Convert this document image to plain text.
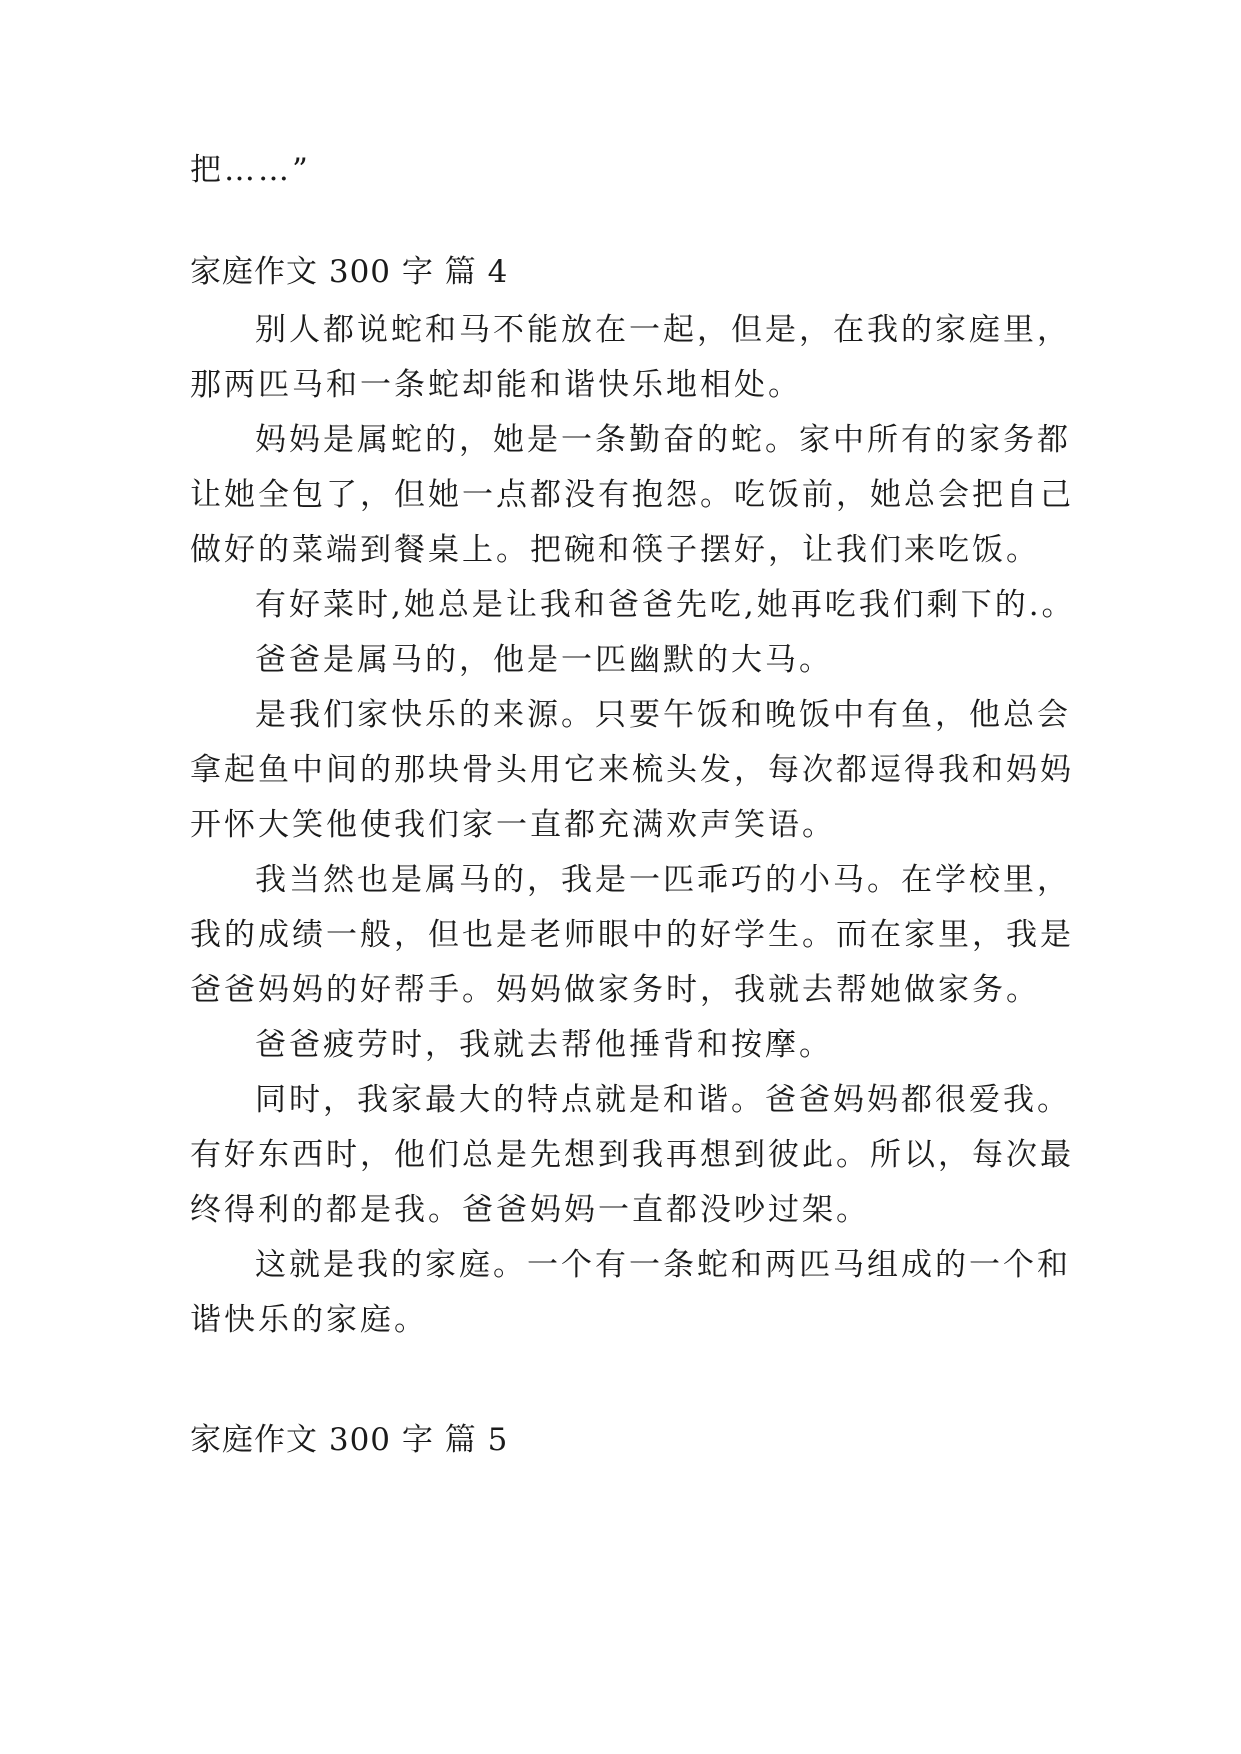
把……”
家庭作文 300 字 篇 4
别人都说蛇和马不能放在一起，但是，在我的家庭里，
那两匹马和一条蛇却能和谐快乐地相处。
妈妈是属蛇的，她是一条勤奋的蛇。家中所有的家务都
让她全包了，但她一点都没有抱怨。吃饭前，她总会把自己
做好的菜端到餐桌上。把碗和筷子摆好，让我们来吃饭。
有好菜时,她总是让我和爸爸先吃,她再吃我们剩下的.。
爸爸是属马的，他是一匹幽默的大马。
是我们家快乐的来源。只要午饭和晚饭中有鱼，他总会
拿起鱼中间的那块骨头用它来梳头发，每次都逗得我和妈妈
开怀大笑他使我们家一直都充满欢声笑语。
我当然也是属马的，我是一匹乖巧的小马。在学校里，
我的成绩一般，但也是老师眼中的好学生。而在家里，我是
爸爸妈妈的好帮手。妈妈做家务时，我就去帮她做家务。
爸爸疲劳时，我就去帮他捶背和按摩。
同时，我家最大的特点就是和谐。爸爸妈妈都很爱我。
有好东西时，他们总是先想到我再想到彼此。所以，每次最
终得利的都是我。爸爸妈妈一直都没吵过架。
这就是我的家庭。一个有一条蛇和两匹马组成的一个和
谐快乐的家庭。
家庭作文 300 字 篇 5
